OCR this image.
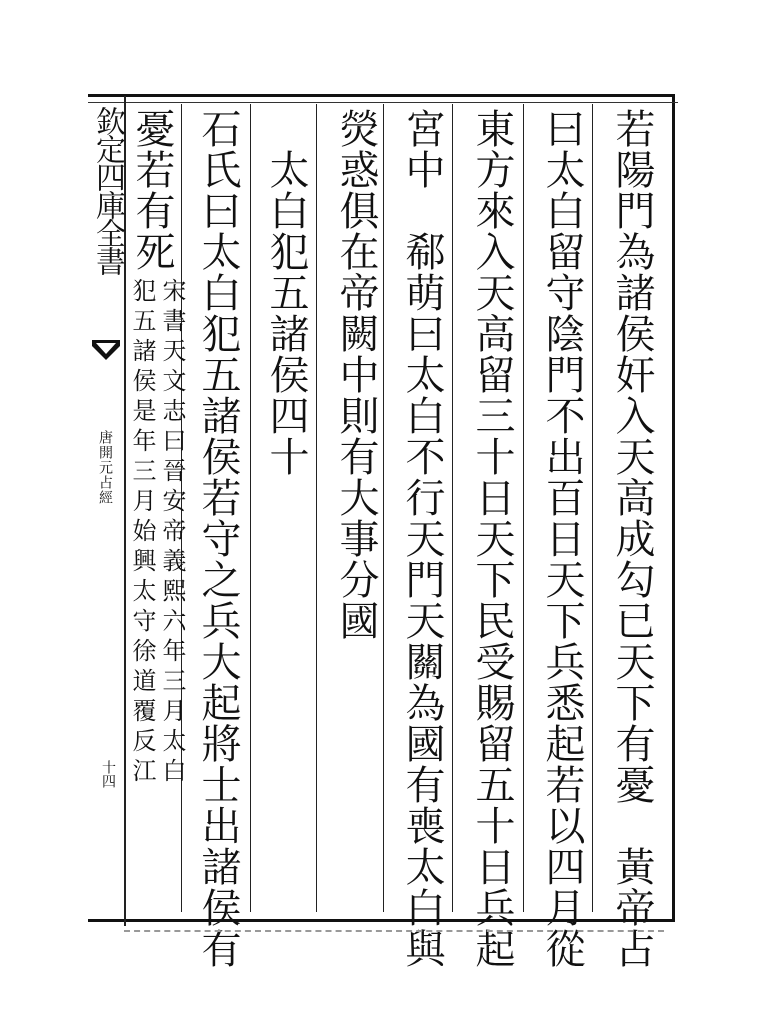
欽定四庫全書
唐開元占經
十四	若陽門為諸侯奸入天高成勾已天下有憂　黃帝占
曰太白留守陰門不出百日天下兵悉起若以四月從
東方來入天高留三十日天下民受賜留五十日兵起
宮中　郗萌曰太白不行天門天關為國有喪太白與
熒惑俱在帝闕中則有大事分國
　太白犯五諸侯四十
石氏曰太白犯五諸侯若守之兵大起將士出諸侯有
憂若有死
宋書天文志曰晉安帝義熙六年三月太白
犯五諸侯是年三月始興太守徐道覆反江
